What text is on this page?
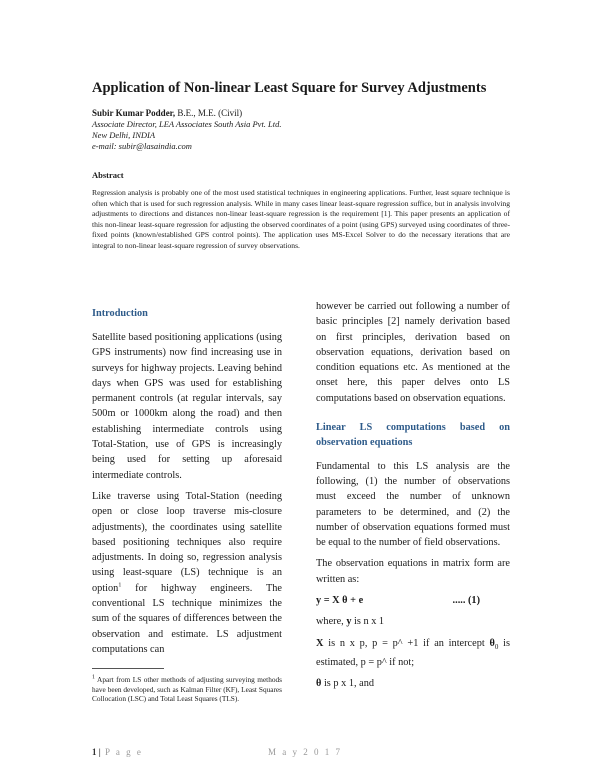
Application of Non-linear Least Square for Survey Adjustments
Subir Kumar Podder, B.E., M.E. (Civil)
Associate Director, LEA Associates South Asia Pvt. Ltd.
New Delhi, INDIA
e-mail: subir@lasaindia.com
Abstract
Regression analysis is probably one of the most used statistical techniques in engineering applications. Further, least square technique is often which that is used for such regression analysis. While in many cases linear least-square regression suffice, but in analysis involving adjustments to directions and distances non-linear least-square regression is the requirement [1]. This paper presents an application of this non-linear least-square regression for adjusting the observed coordinates of a point (using GPS) surveyed using coordinates of three-fixed points (known/established GPS control points). The application uses MS-Excel Solver to do the necessary iterations that are integral to non-linear least-square regression of survey observations.
Introduction

Satellite based positioning applications (using GPS instruments) now find increasing use in surveys for highway projects. Leaving behind days when GPS was used for establishing permanent controls (at regular intervals, say 500m or 1000km along the road) and then establishing intermediate controls using Total-Station, use of GPS is increasingly being used for setting up aforesaid intermediate controls.

Like traverse using Total-Station (needing open or close loop traverse mis-closure adjustments), the coordinates using satellite based positioning techniques also require adjustments. In doing so, regression analysis using least-square (LS) technique is an option$^1$ for highway engineers. The conventional LS technique minimizes the sum of the squares of differences between the observation and estimate. LS adjustment computations can

however be carried out following a number of basic principles [2] namely derivation based on first principles, derivation based on observation equations, derivation based on condition equations etc. As mentioned at the onset here, this paper delves onto LS computations based on observation equations.

Linear LS computations based on observation equations

Fundamental to this LS analysis are the following, (1) the number of observations must exceed the number of unknown parameters to be determined, and (2) the number of observation equations formed must be equal to the number of field observations.

The observation equations in matrix form are written as:

y = X θ + e	..... (1)

where, y is n x 1

X is n x p, p = p^ +1 if an intercept $\theta_0$ is estimated, p = p^ if not;

θ is p x 1, and

$^1$ Apart from LS other methods of adjusting surveying methods have been developed, such as Kalman Filter (KF), Least Squares Collocation (LSC) and Total Least Squares (TLS).
1 | P a g e	M a y 2 0 1 7
